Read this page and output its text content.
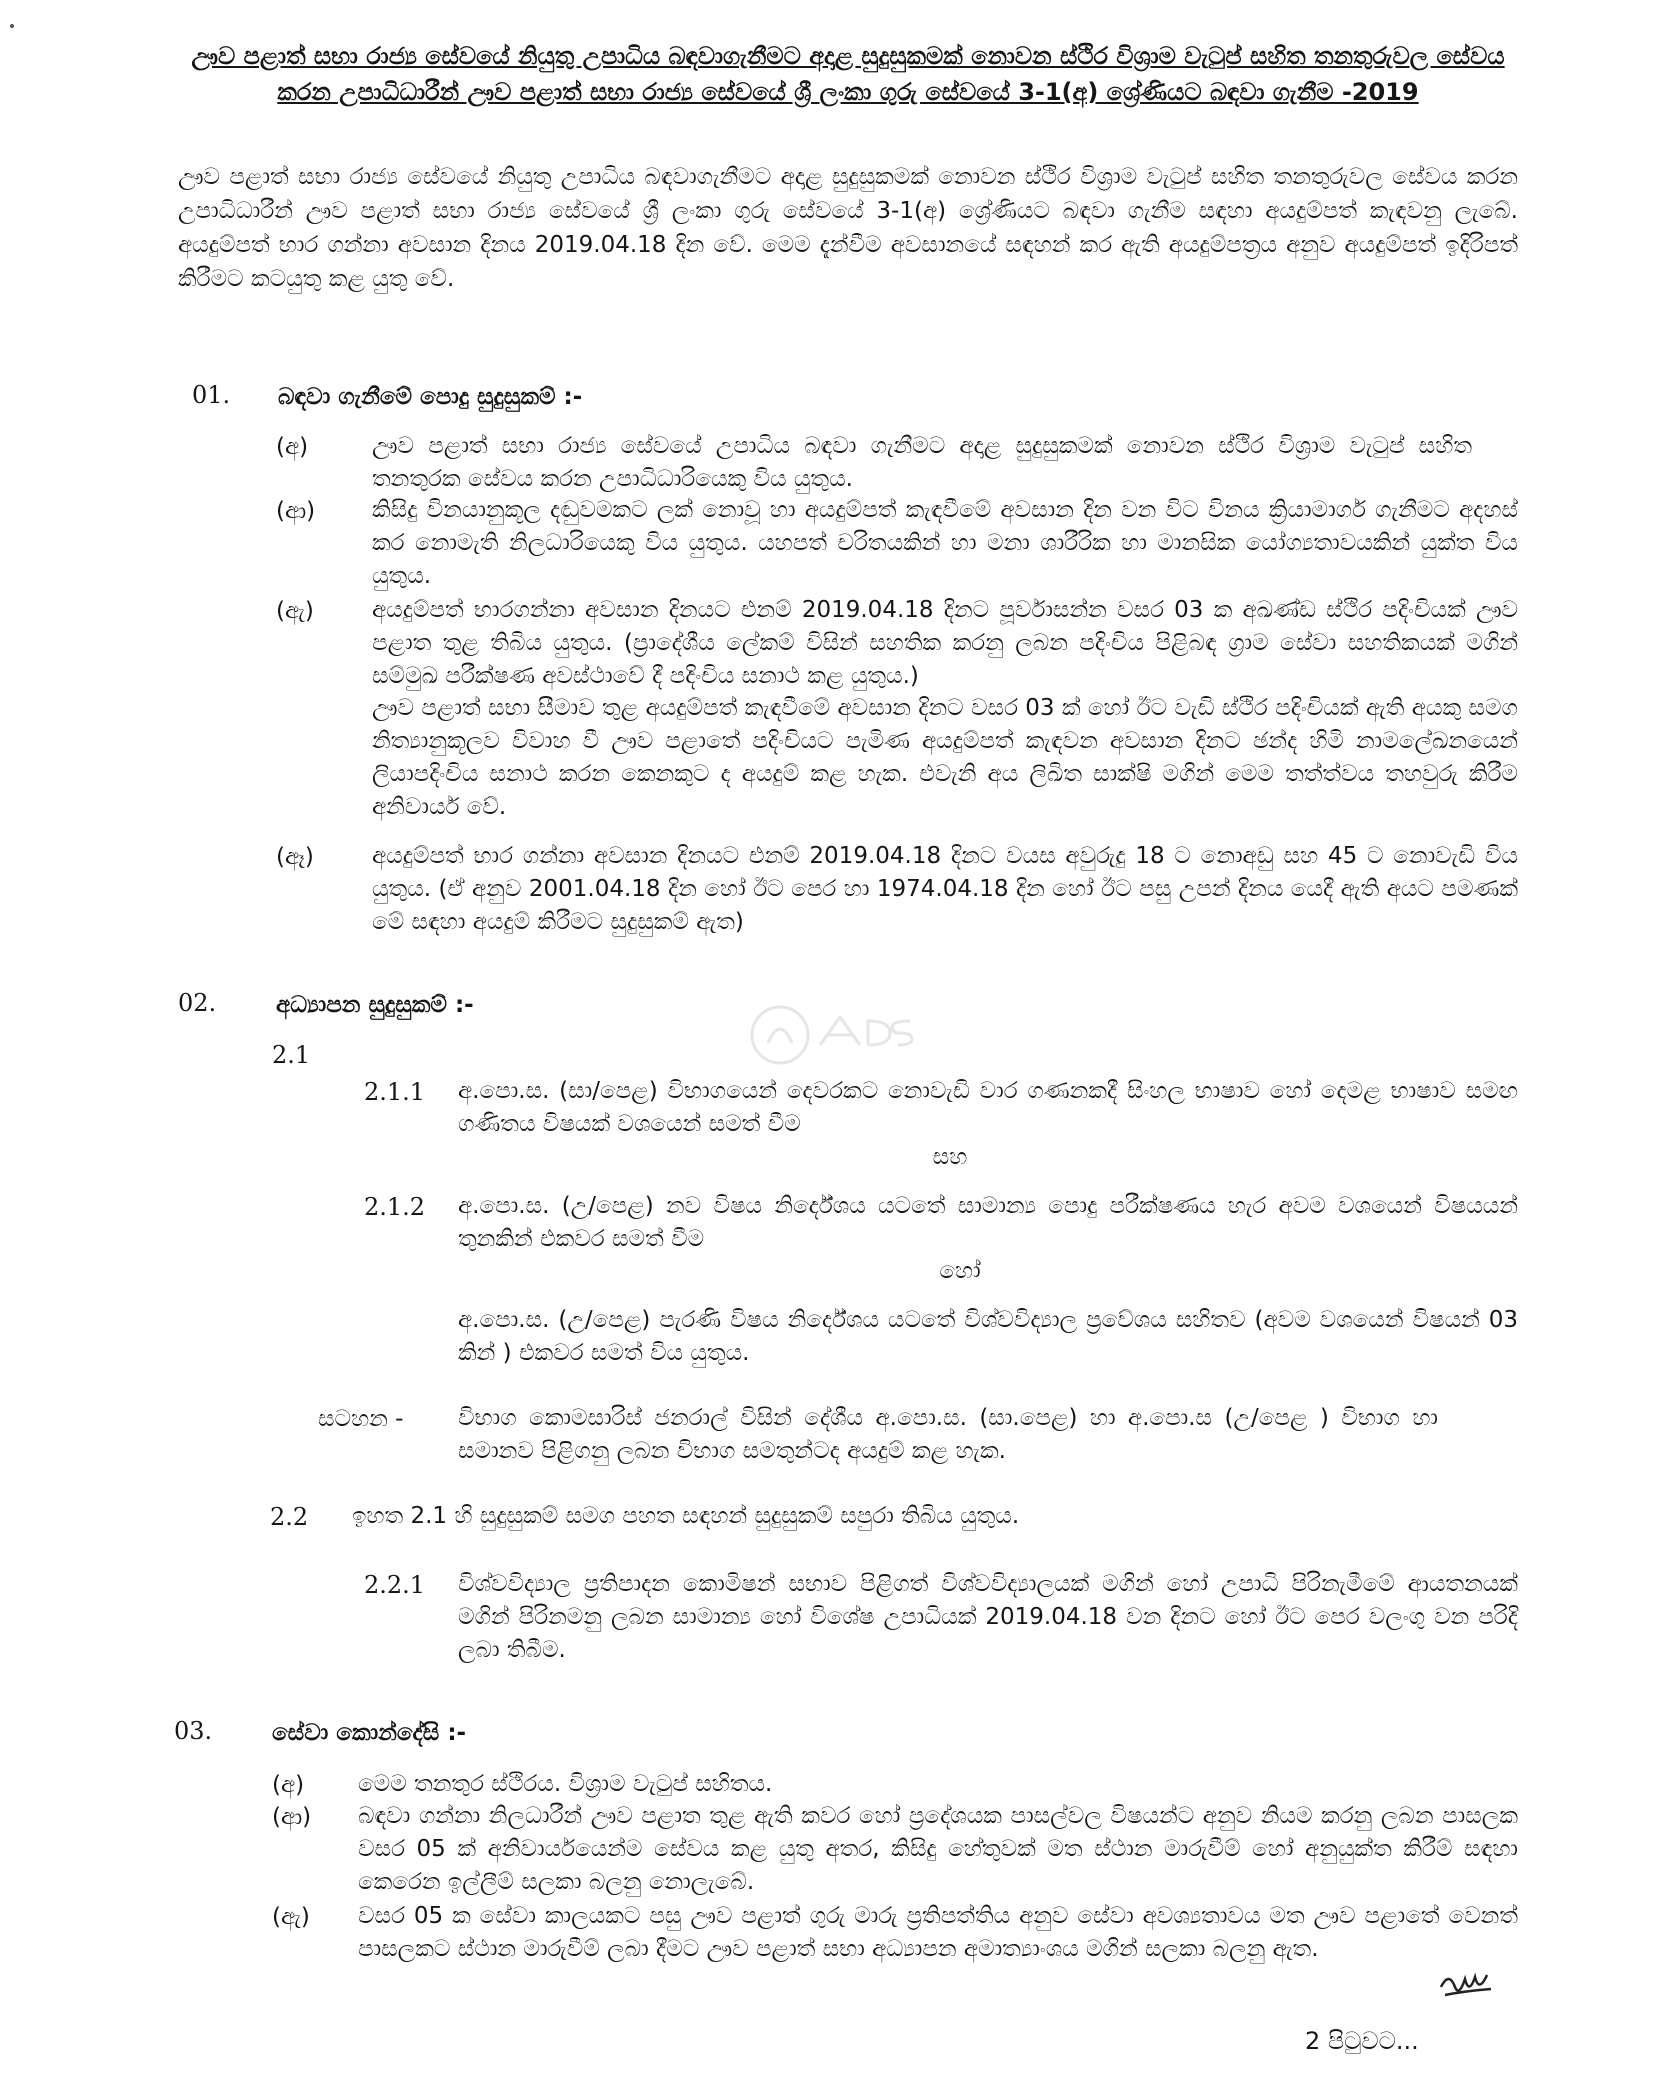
ඌව පළාත් සභා රාජ්‍ය සේවයේ නියුතු උපාධිය බඳවාගැනීමට අදාළ සුදුසුකමක් නොවන ස්ථිර විශ්‍රාම වැටුප් සහිත තනතුරුවල සේවය කරන උපාධිධාරීන් ඌව පළාත් සභා රාජ්‍ය සේවයේ ශ්‍රී ලංකා ගුරු සේවයේ 3-1(අ) ශ්‍රේණියට බඳවා ගැනීම -2019
ඌව පළාත් සභා රාජ්‍ය සේවයේ නියුතු උපාධිය බඳවාගැනීමට අදාළ සුදුසුකමක් නොවන ස්ථිර විශ්‍රාම වැටුප් සහිත තනතුරුවල සේවය කරන උපාධිධාරීන් ඌව පළාත් සභා රාජ්‍ය සේවයේ ශ්‍රී ලංකා ගුරු සේවයේ 3-1(අ) ශ්‍රේණියට බඳවා ගැනීම සඳහා අයදුම්පත් කැඳවනු ලැබේ. අයදුම්පත් භාර ගන්නා අවසාන දිනය 2019.04.18 දින වේ. මෙම දැන්වීම අවසානයේ සඳහන් කර ඇති අයදුම්පත්‍රය අනුව අයදුම්පත් ඉදිරිපත් කිරීමට කටයුතු කළ යුතු වේ.
01. බඳවා ගැනීමේ පොදු සුදුසුකම් :-
(අ)	ඌව පළාත් සභා රාජ්‍ය සේවයේ උපාධිය බඳවා ගැනීමට අදාළ සුදුසුකමක් නොවන ස්ථිර විශ්‍රාම වැටුප් සහිත තනතුරක සේවය කරන උපාධිධාරියෙකු විය යුතුය.
(ආ) කිසිදු විනයානුකූල දඬුවමකට ලක් නොවූ හා අයදුම්පත් කැඳවීමේ අවසාන දින වන විට විනය ක්‍රියාමාර්ග ගැනීමට අදහස් කර නොමැති නිලධාරියෙකු විය යුතුය. යහපත් චරිතයකින් හා මනා ශාරීරික හා මානසික යෝග්‍යතාවයකින් යුක්ත විය යුතුය.
(ඇ)	අයදුම්පත් භාරගන්නා අවසාන දිනයට එනම් 2019.04.18 දිනට පූර්වාසන්න වසර 03 ක අඛණ්ඩ ස්ථිර පදිංචියක් ඌව පළාත තුළ තිබිය යුතුය. (ප්‍රාදේශීය ලේකම් විසින් සහතික කරනු ලබන පදිංචිය පිළිබඳ ග්‍රාම සේවා සහතිකයක් මගින් සම්මුඛ පරීක්ෂණ අවස්ථාවේ දී පදිංචිය සනාථ කළ යුතුය.)
ඌව පළාත් සභා සීමාව තුළ අයදුම්පත් කැඳවීමේ අවසාන දිනට වසර 03 ක් හෝ ඊට වැඩි ස්ථිර පදිංචියක් ඇති අයකු සමග නිත්‍යානුකූලව විවාහ වී ඌව පළාතේ පදිංචියට පැමිණ අයදුම්පත් කැඳවන අවසාන දිනට ඡන්ද හිමි නාමලේඛනයෙන් ලියාපදිංචිය සනාථ කරන කෙනකුට ද අයදුම් කළ හැක. එවැනි අය ලිඛිත සාක්ෂි මගින් මෙම තත්ත්වය තහවුරු කිරීම අනිවාර්ය වේ.
(ඈ)	අයදුම්පත් භාර ගන්නා අවසාන දිනයට එනම් 2019.04.18 දිනට වයස අවුරුදු 18 ට නොඅඩු සහ 45 ට නොවැඩි විය යුතුය. (ඒ අනුව 2001.04.18 දින හෝ ඊට පෙර හා 1974.04.18 දින හෝ ඊට පසු උපන් දිනය යෙදී ඇති අයට පමණක් මේ සඳහා අයදුම් කිරීමට සුදුසුකම් ඇත)
02.	අධ්‍යාපන සුදුසුකම් :-
2.1
2.1.1 අ.පො.ස. (සා/පෙළ) විභාගයෙන් දෙවරකට නොවැඩි වාර ගණනකදී සිංහල භාෂාව හෝ දෙමළ භාෂාව සමඟ ගණිතය විෂයක් වශයෙන් සමත් වීම
සහ
2.1.2 අ.පො.ස. (උ/පෙළ) නව විෂය නිර්දේශය යටතේ සාමාන්‍ය පොදු පරීක්ෂණය හැර අවම වශයෙන් විෂයයන් තුනකින් එකවර සමත් වීම
හෝ
අ.පො.ස. (උ/පෙළ) පැරණි විෂය නිර්දේශය යටතේ විශ්වවිද්‍යාල ප්‍රවේශය සහිතව (අවම වශයෙන් විෂයන් 03 කින් ) එකවර සමත් විය යුතුය.
සටහන - විභාග කොමසාරිස් ජනරාල් විසින් දේශීය අ.පො.ස. (සා.පෙළ) හා අ.පො.ස (උ/පෙළ ) විභාග හා සමානව පිළිගනු ලබන විභාග සමතුන්ටද අයදුම් කළ හැක.
2.2 ඉහත 2.1 හි සුදුසුකම් සමග පහත සඳහන් සුදුසුකම් සපුරා තිබිය යුතුය.
2.2.1 විශ්වවිද්‍යාල ප්‍රතිපාදන කොමිෂන් සභාව පිළිගත් විශ්වවිද්‍යාලයක් මගින් හෝ උපාධි පිරිනැමීමේ ආයතනයක් මගින් පිරිනමනු ලබන සාමාන්‍ය හෝ විශේෂ උපාධියක් 2019.04.18 වන දිනට හෝ ඊට පෙර වලංගු වන පරිදි ලබා තිබීම.
03.	සේවා කොන්දේසි :-
(අ) මෙම තනතුර ස්ථිරය. විශ්‍රාම වැටුප් සහිතය.
(ආ) බඳවා ගන්නා නිලධාරීන් ඌව පළාත තුළ ඇති කවර හෝ ප්‍රදේශයක පාසල්වල විෂයන්ට අනුව නියම කරනු ලබන පාසලක වසර 05 ක් අනිවාර්යයෙන්ම සේවය කළ යුතු අතර, කිසිදු හේතුවක් මත ස්ථාන මාරුවීම් හෝ අනුයුක්ත කිරීම් සඳහා කෙරෙන ඉල්ලීම් සලකා බලනු නොලැබේ.
(ඇ) වසර 05 ක සේවා කාලයකට පසු ඌව පළාත් ගුරු මාරු ප්‍රතිපත්තිය අනුව සේවා අවශ්‍යතාවය මත ඌව පළාතේ වෙනත් පාසලකට ස්ථාන මාරුවීම් ලබා දීමට ඌව පළාත් සභා අධ්‍යාපන අමාත්‍යාංශය මගින් සලකා බලනු ඇත.
2 පිටුවට...
